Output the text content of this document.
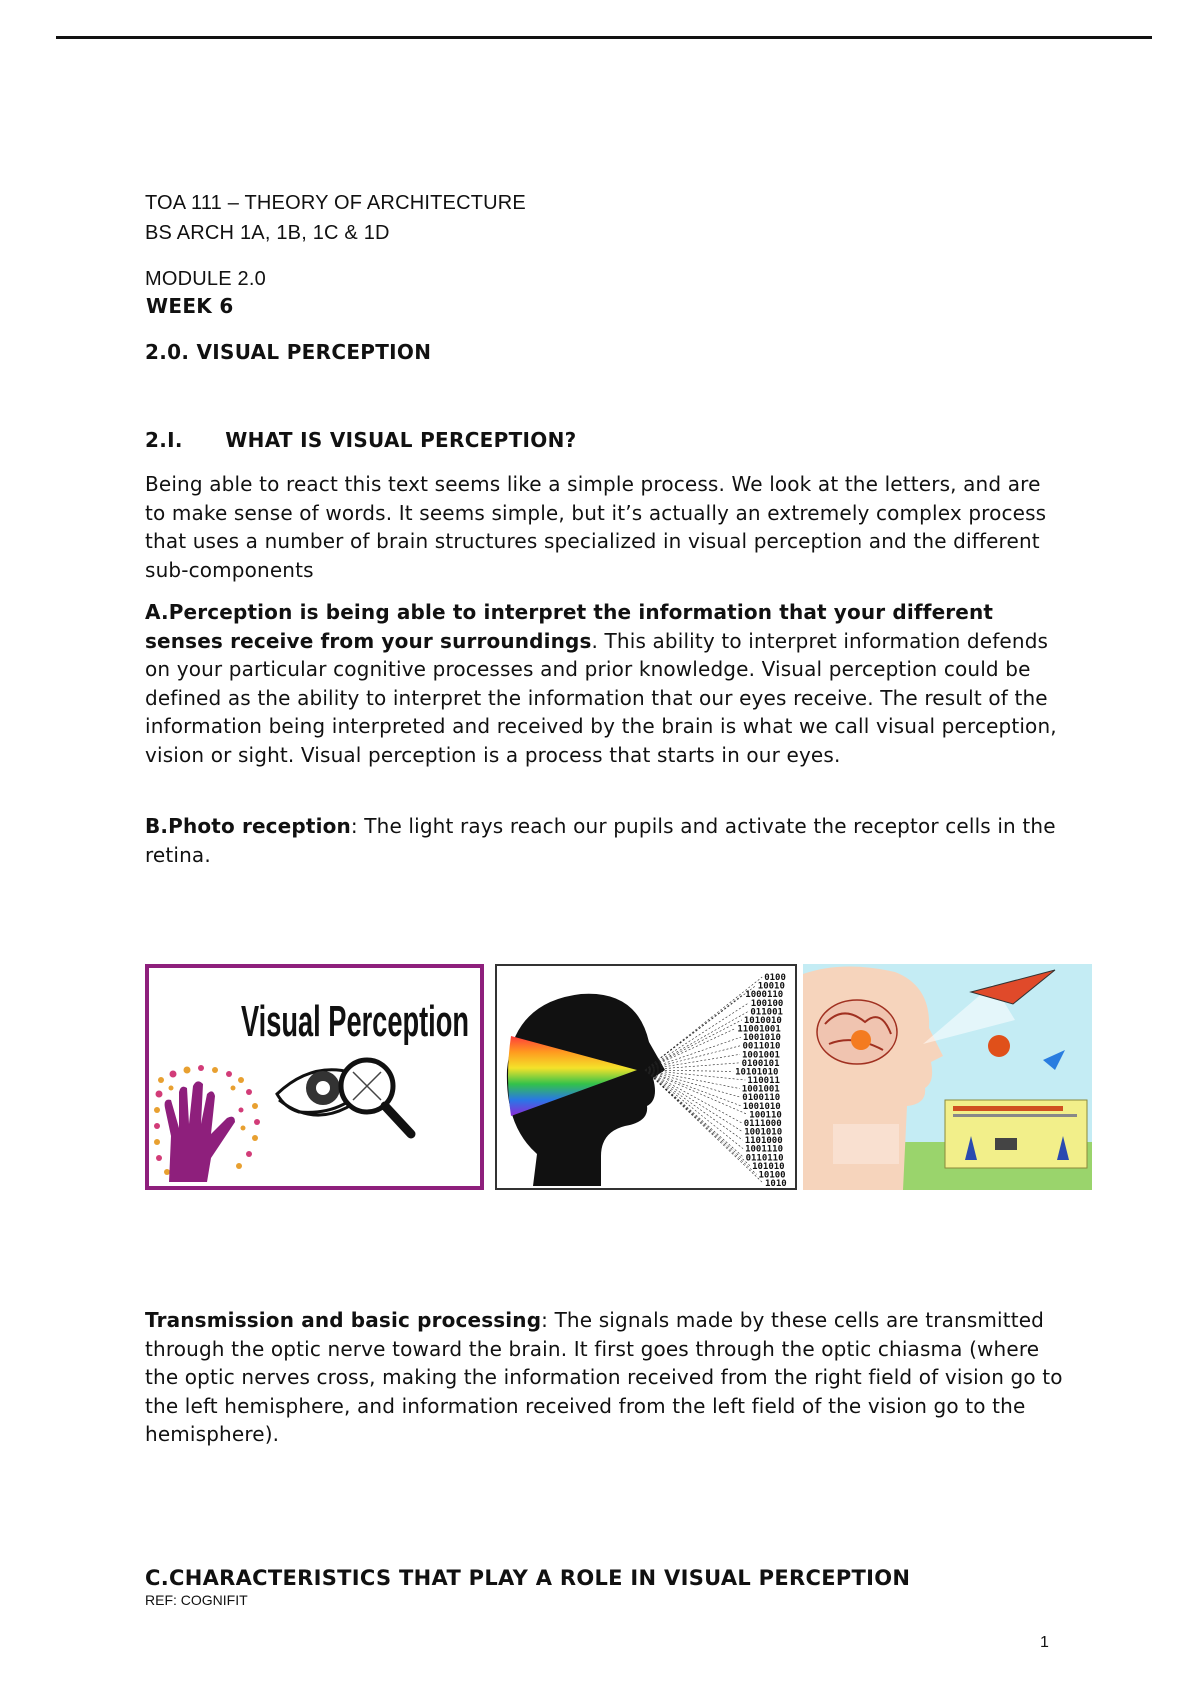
TOA 111 – THEORY OF ARCHITECTURE
BS ARCH 1A, 1B, 1C & 1D
MODULE 2.0
WEEK 6
2.0. VISUAL PERCEPTION
2.I. WHAT IS VISUAL PERCEPTION?
Being able to react this text seems like a simple process. We look at the letters, and are to make sense of words. It seems simple, but it’s actually an extremely complex process that uses a number of brain structures specialized in visual perception and the different sub-components
A.Perception is being able to interpret the information that your different senses receive from your surroundings. This ability to interpret information defends on your particular cognitive processes and prior knowledge. Visual perception could be defined as the ability to interpret the information that our eyes receive. The result of the information being interpreted and received by the brain is what we call visual perception, vision or sight. Visual perception is a process that starts in our eyes.
B.Photo reception: The light rays reach our pupils and activate the receptor cells in the retina.
Visual Perception
0100
10010
1000110
100100
011001
1010010
11001001
1001010
0011010
1001001
0100101
10101010
110011
1001001
0100110
1001010
100110
0111000
1001010
1101000
1001110
0110110
101010
10100
1010
Transmission and basic processing: The signals made by these cells are transmitted through the optic nerve toward the brain. It first goes through the optic chiasma (where the optic nerves cross, making the information received from the right field of vision go to the left hemisphere, and information received from the left field of the vision go to the hemisphere).
C.CHARACTERISTICS THAT PLAY A ROLE IN VISUAL PERCEPTION
REF: COGNIFIT
1
